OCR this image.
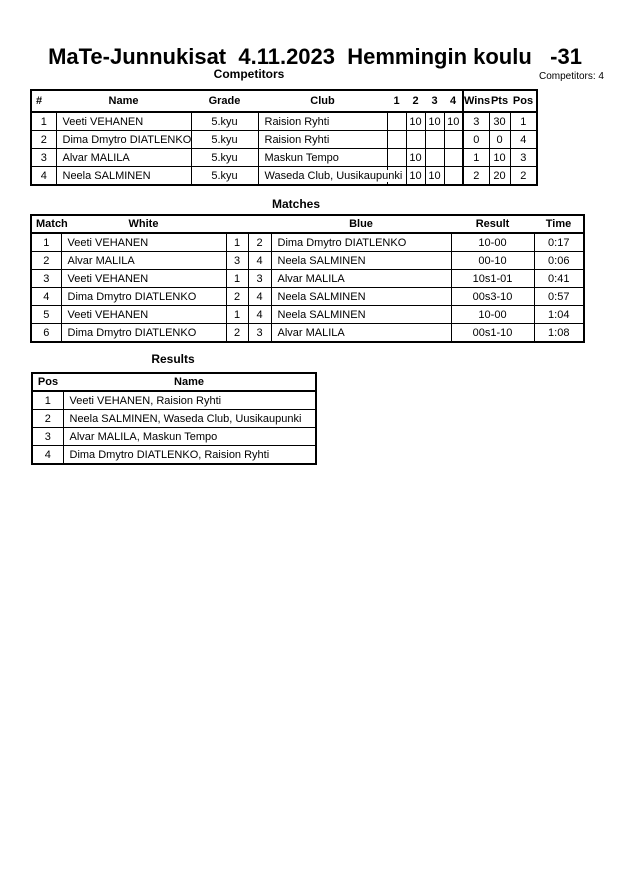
MaTe-Junnukisat  4.11.2023  Hemmingin koulu   -31
Competitors	Competitors: 4
#	Name	Grade	Club	1	2	3	4	Wins	Pts	Pos
1	Veeti VEHANEN	5.kyu	Raision Ryhti		10	10	10	3	30	1
2	Dima Dmytro DIATLENKO	5.kyu	Raision Ryhti					0	0	4
3	Alvar MALILA	5.kyu	Maskun Tempo		10			1	10	3
4	Neela SALMINEN	5.kyu	Waseda Club, Uusikaupunki		10	10		2	20	2
Matches
Match	White			Blue	Result	Time
1	Veeti VEHANEN	1	2	Dima Dmytro DIATLENKO	10-00	0:17
2	Alvar MALILA	3	4	Neela SALMINEN	00-10	0:06
3	Veeti VEHANEN	1	3	Alvar MALILA	10s1-01	0:41
4	Dima Dmytro DIATLENKO	2	4	Neela SALMINEN	00s3-10	0:57
5	Veeti VEHANEN	1	4	Neela SALMINEN	10-00	1:04
6	Dima Dmytro DIATLENKO	2	3	Alvar MALILA	00s1-10	1:08
Results
Pos	Name
1	Veeti VEHANEN, Raision Ryhti
2	Neela SALMINEN, Waseda Club, Uusikaupunki
3	Alvar MALILA, Maskun Tempo
4	Dima Dmytro DIATLENKO, Raision Ryhti
